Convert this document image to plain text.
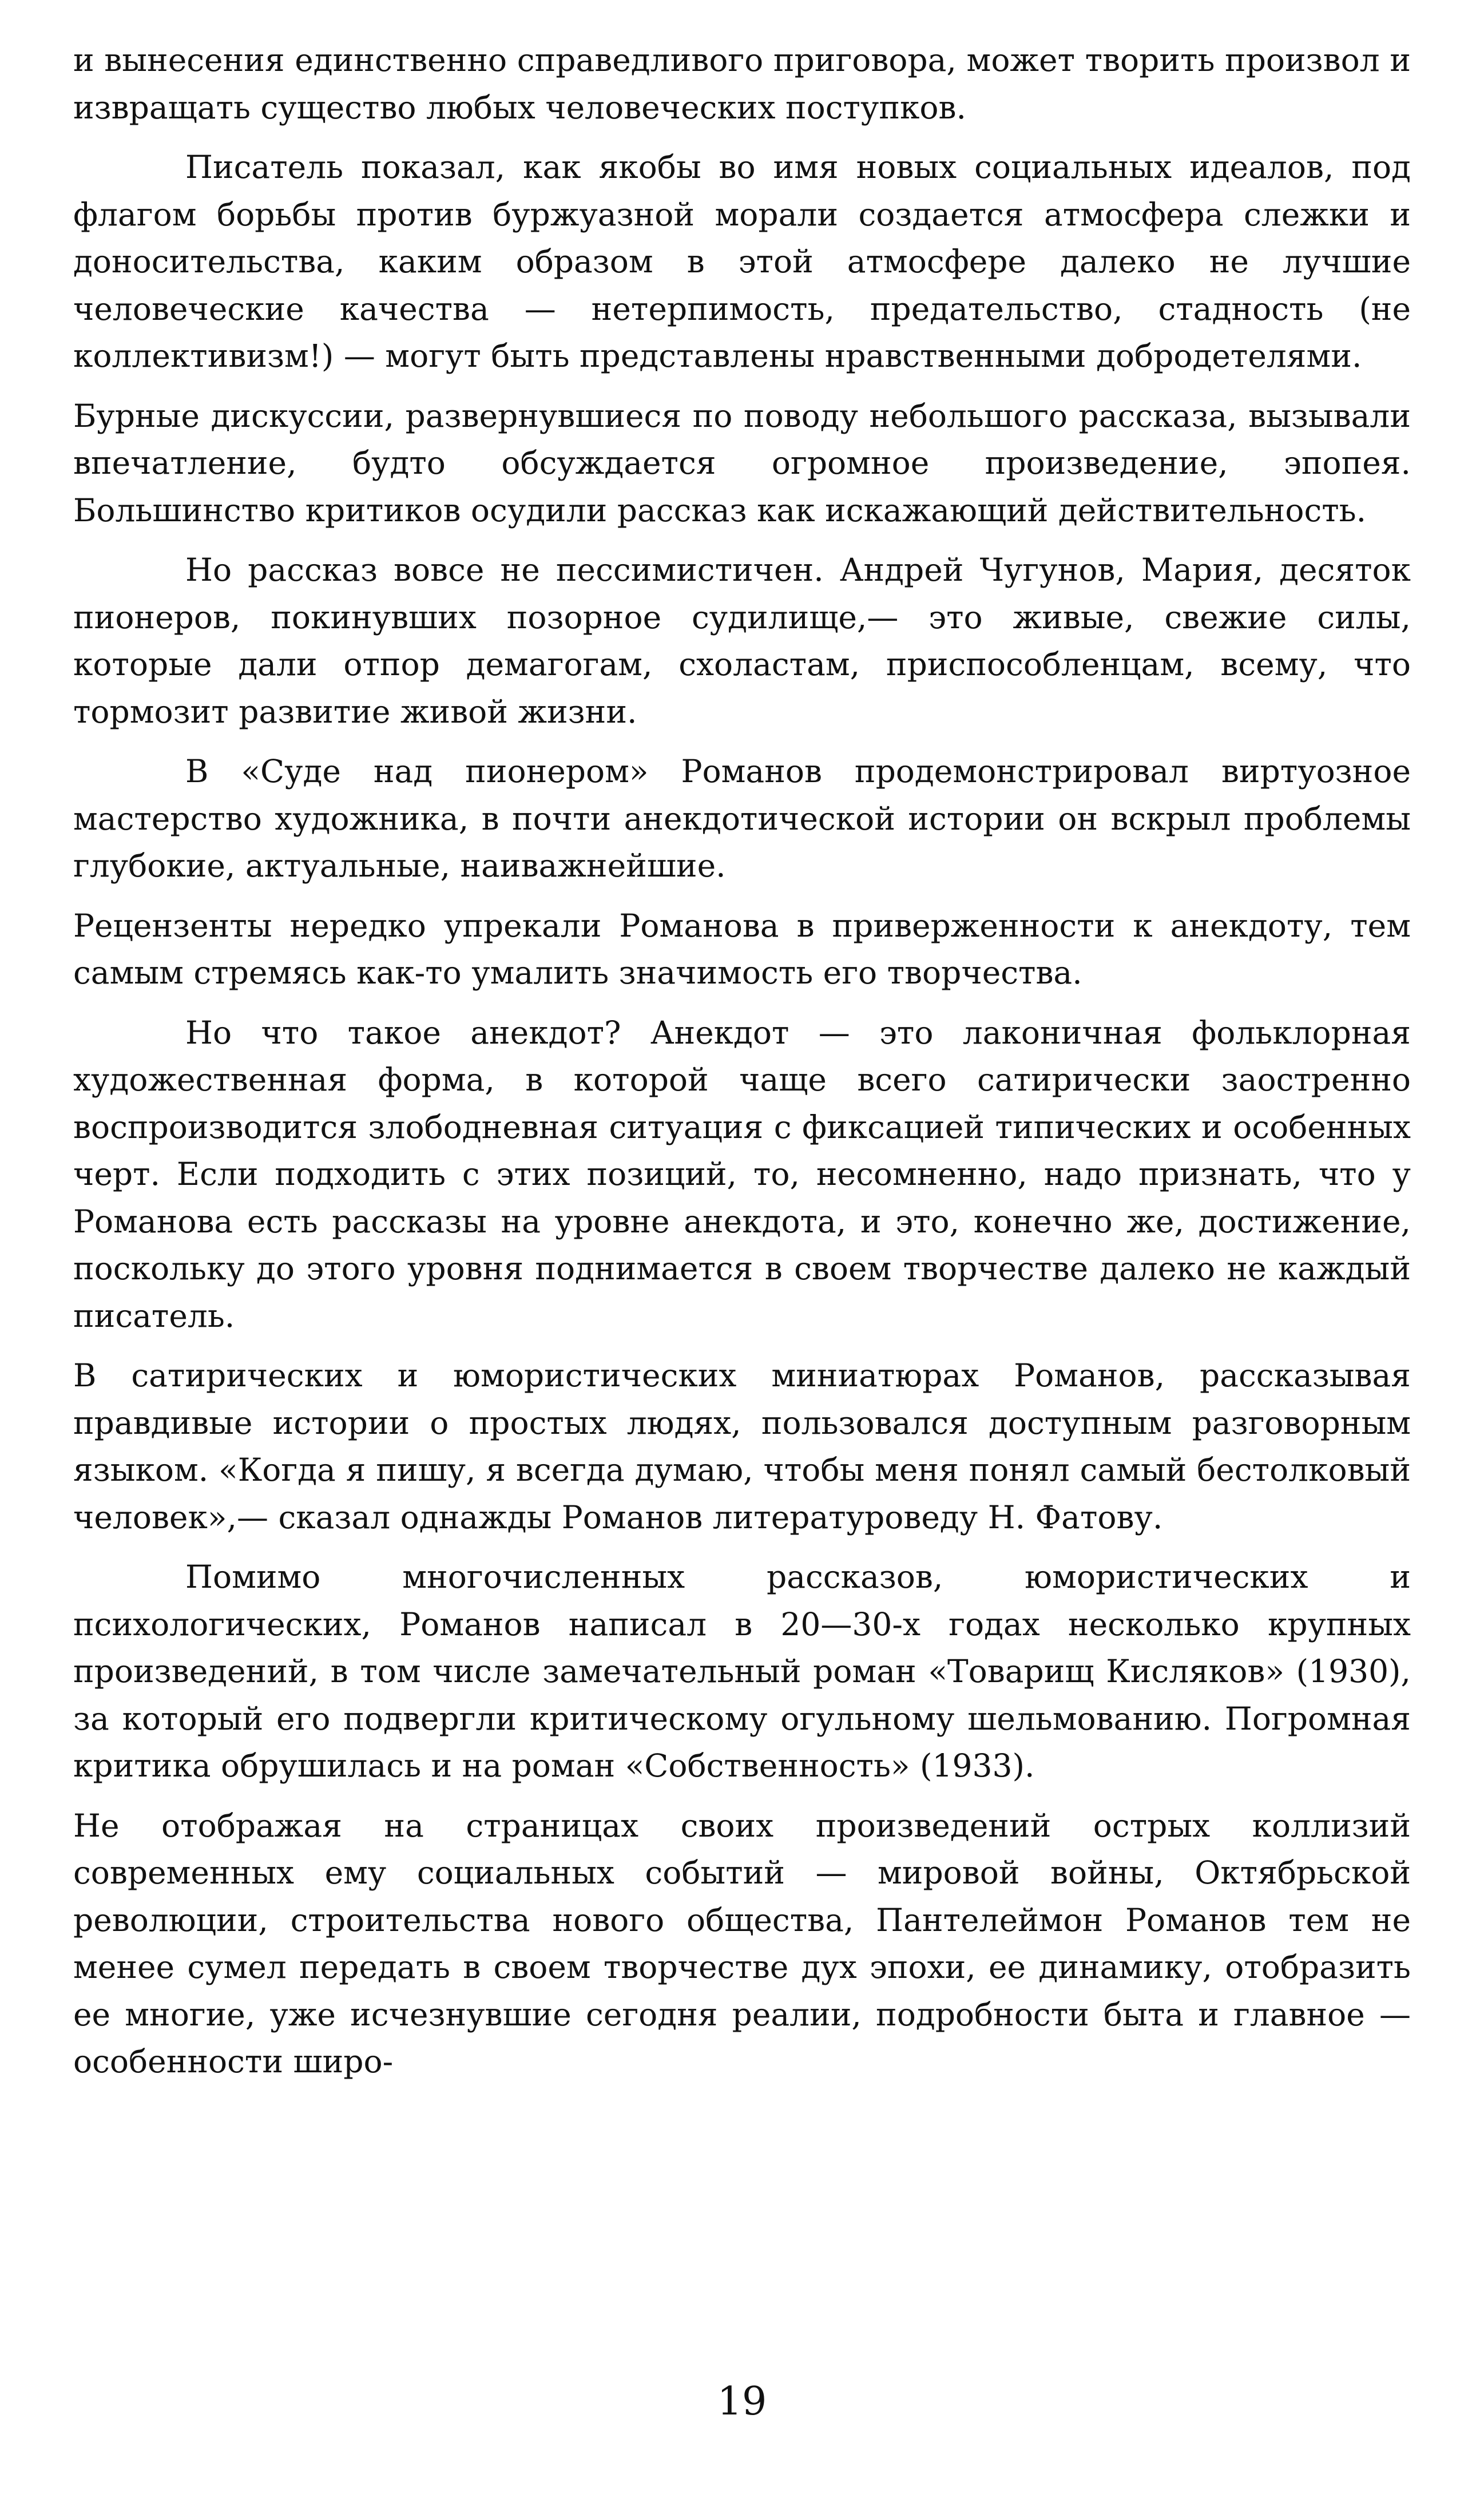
и вынесения единственно справедливого приговора, может творить произвол и извращать существо любых человеческих поступков.

Писатель показал, как якобы во имя новых социальных идеалов, под флагом борьбы против буржуазной морали создается атмосфера слежки и доносительства, каким образом в этой атмосфере далеко не лучшие человеческие качества — нетерпимость, предательство, стадность (не коллективизм!) — могут быть представлены нравственными добродетелями.

Бурные дискуссии, развернувшиеся по поводу небольшого рассказа, вызывали впечатление, будто обсуждается огромное произведение, эпопея. Большинство критиков осудили рассказ как искажающий действительность.

Но рассказ вовсе не пессимистичен. Андрей Чугунов, Мария, десяток пионеров, покинувших позорное судилище,— это живые, свежие силы, которые дали отпор демагогам, схоластам, приспособленцам, всему, что тормозит развитие живой жизни.

В «Суде над пионером» Романов продемонстрировал виртуозное мастерство художника, в почти анекдотической истории он вскрыл проблемы глубокие, актуальные, наиважнейшие.

Рецензенты нередко упрекали Романова в приверженности к анекдоту, тем самым стремясь как-то умалить значимость его творчества.

Но что такое анекдот? Анекдот — это лаконичная фольклорная художественная форма, в которой чаще всего сатирически заостренно воспроизводится злободневная ситуация с фиксацией типических и особенных черт. Если подходить с этих позиций, то, несомненно, надо признать, что у Романова есть рассказы на уровне анекдота, и это, конечно же, достижение, поскольку до этого уровня поднимается в своем творчестве далеко не каждый писатель.

В сатирических и юмористических миниатюрах Романов, рассказывая правдивые истории о простых людях, пользовался доступным разговорным языком. «Когда я пишу, я всегда думаю, чтобы меня понял самый бестолковый человек»,— сказал однажды Романов литературоведу Н. Фатову.

Помимо многочисленных рассказов, юмористических и психологических, Романов написал в 20—30-х годах несколько крупных произведений, в том числе замечательный роман «Товарищ Кисляков» (1930), за который его подвергли критическому огульному шельмованию. Погромная критика обрушилась и на роман «Собственность» (1933).

Не отображая на страницах своих произведений острых коллизий современных ему социальных событий — мировой войны, Октябрьской революции, строительства нового общества, Пантелеймон Романов тем не менее сумел передать в своем творчестве дух эпохи, ее динамику, отобразить ее многие, уже исчезнувшие сегодня реалии, подробности быта и главное — особенности широ-

19
